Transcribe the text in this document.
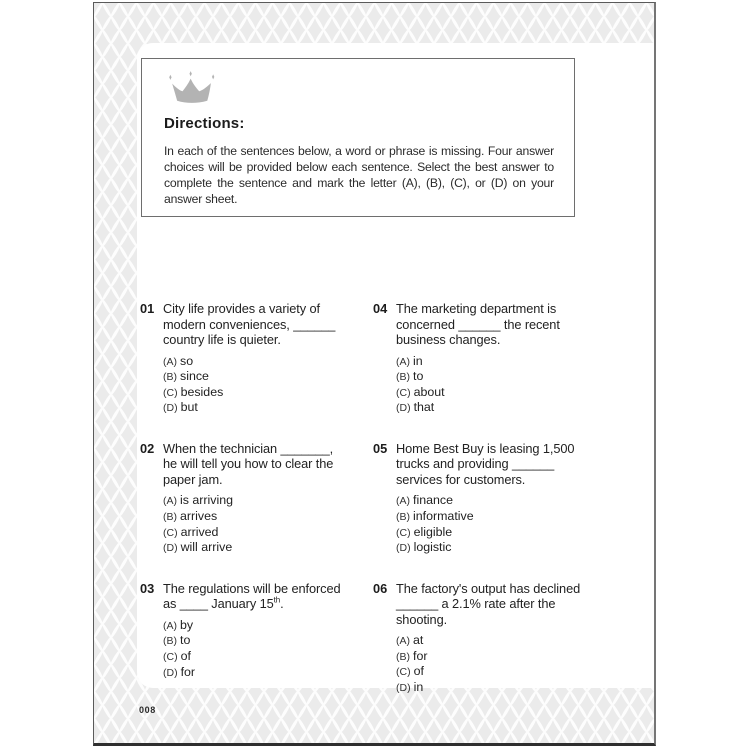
Directions:

In each of the sentences below, a word or phrase is missing. Four answer choices will be provided below each sentence. Select the best answer to complete the sentence and mark the letter (A), (B), (C), or (D) on your answer sheet.

01 City life provides a variety of
modern conveniences, ______
country life is quieter.
(A) so
(B) since
(C) besides
(D) but
02 When the technician _______,
he will tell you how to clear the
paper jam.
(A) is arriving
(B) arrives
(C) arrived
(D) will arrive
03 The regulations will be enforced
as ____ January 15th.
(A) by
(B) to
(C) of
(D) for
04 The marketing department is
concerned ______ the recent
business changes.
(A) in
(B) to
(C) about
(D) that
05 Home Best Buy is leasing 1,500
trucks and providing ______
services for customers.
(A) finance
(B) informative
(C) eligible
(D) logistic
06 The factory's output has declined
______ a 2.1% rate after the
shooting.
(A) at
(B) for
(C) of
(D) in
008
